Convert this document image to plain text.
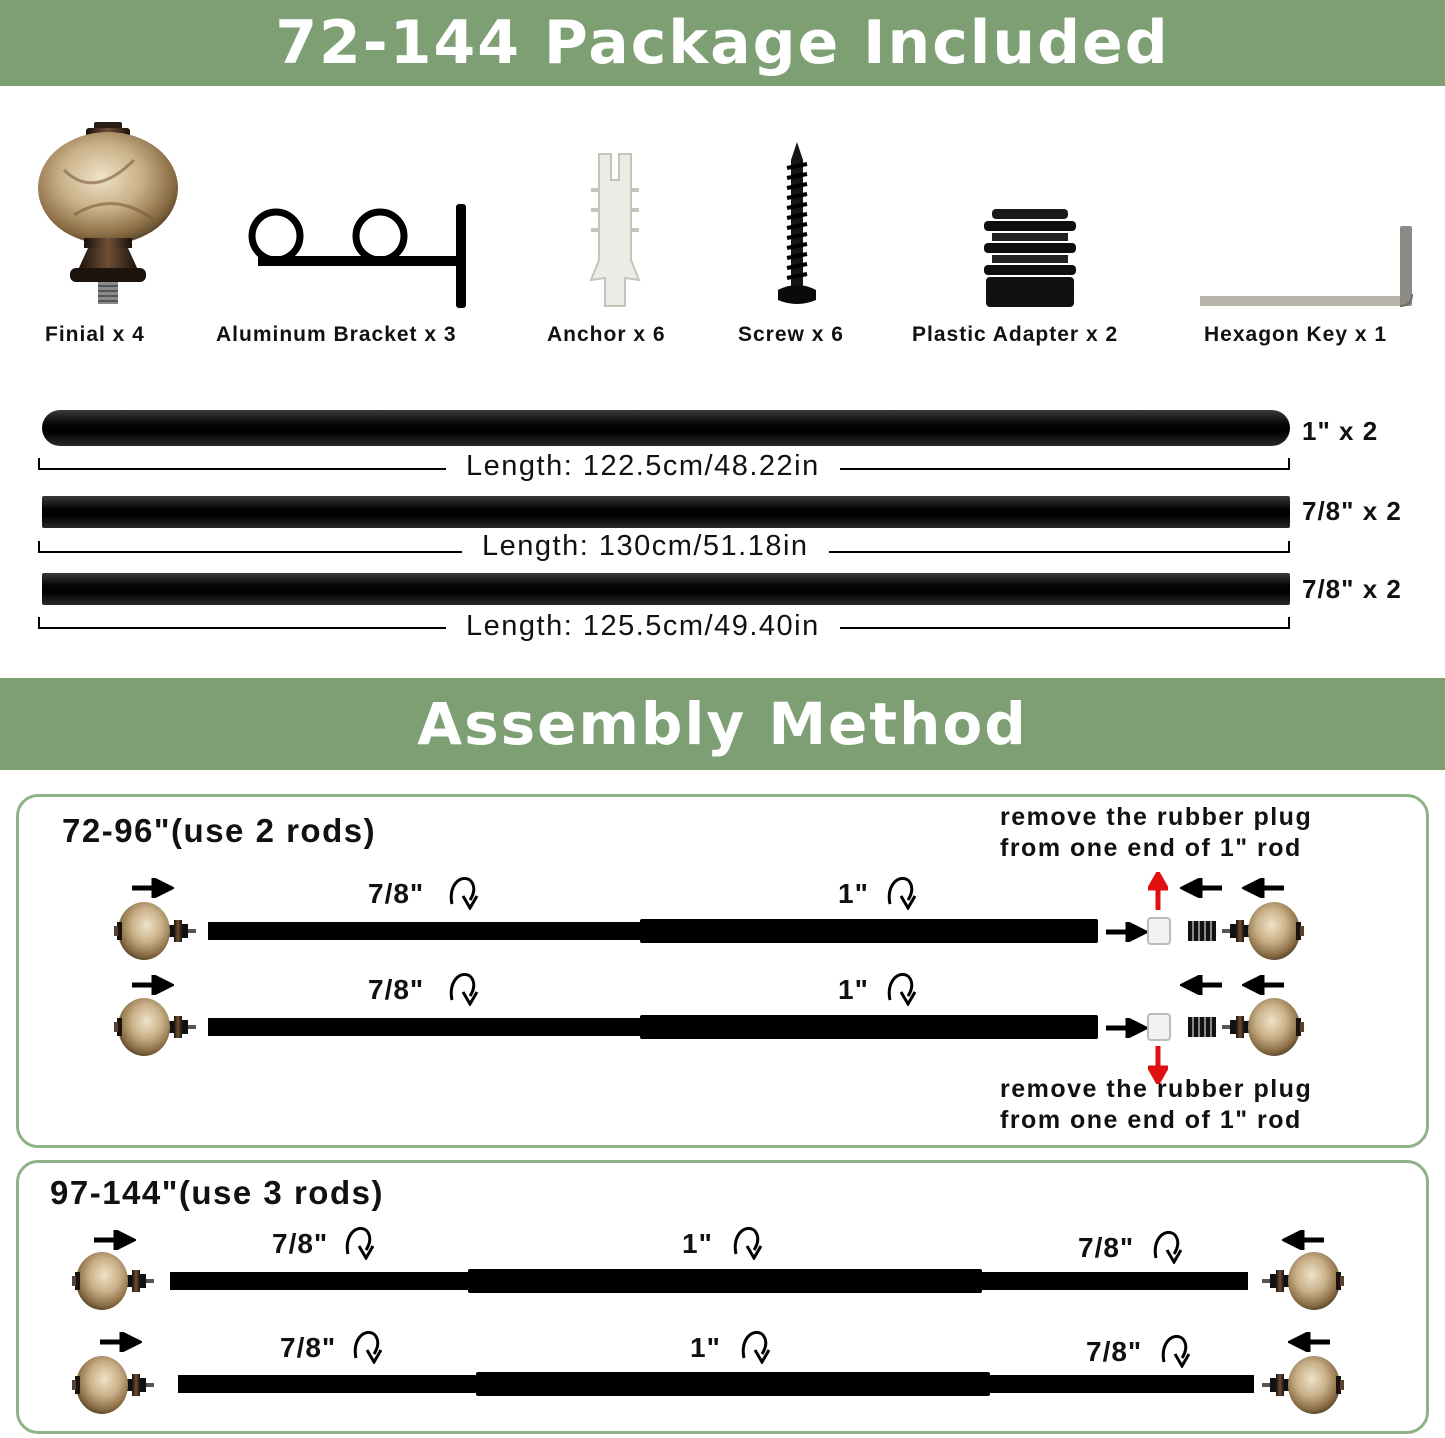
72-144 Package Included
Finial x 4	Aluminum Bracket x 3	Anchor x 6	Screw x 6	Plastic Adapter x 2	Hexagon Key x 1
1" x 2
Length: 122.5cm/48.22in
7/8" x 2
Length: 130cm/51.18in
7/8" x 2
Length: 125.5cm/49.40in
Assembly Method
72-96"(use 2 rods)	remove the rubber plug
from one end of 1" rod
7/8"	1"
7/8"	1"
remove the rubber plug
from one end of 1" rod
97-144"(use 3 rods)
7/8"	1"	7/8"
7/8"	1"	7/8"
